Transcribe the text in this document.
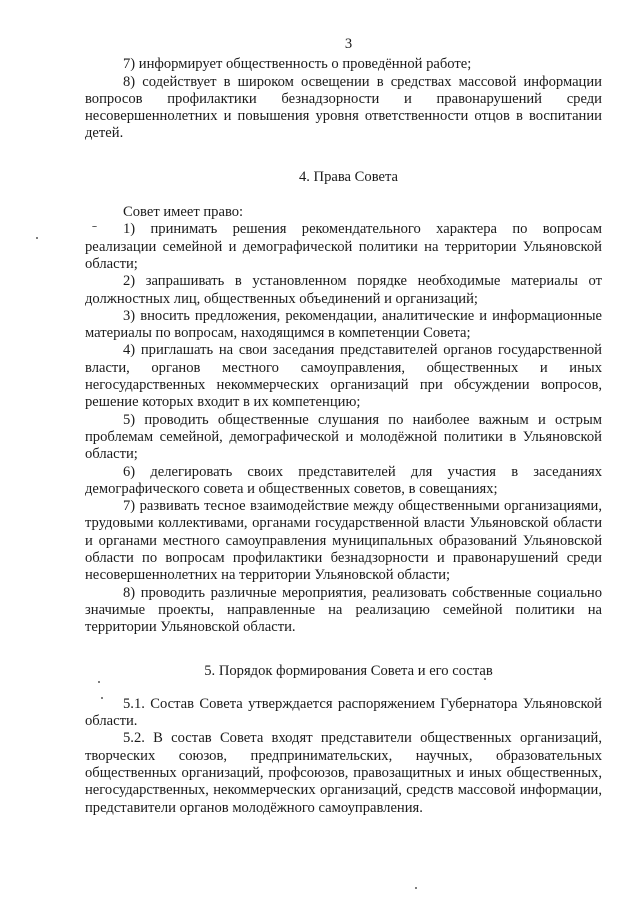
3

7) информирует общественность о проведённой работе;

8) содействует в широком освещении в средствах массовой информации вопросов профилактики безнадзорности и правонарушений среди несовершеннолетних и повышения уровня ответственности отцов в воспитании детей.

4. Права Совета

Совет имеет право:

1) принимать решения рекомендательного характера по вопросам реализации семейной и демографической политики на территории Ульяновской области;

2) запрашивать в установленном порядке необходимые материалы от должностных лиц, общественных объединений и организаций;

3) вносить предложения, рекомендации, аналитические и информационные материалы по вопросам, находящимся в компетенции Совета;

4) приглашать на свои заседания представителей органов государственной власти, органов местного самоуправления, общественных и иных негосударственных некоммерческих организаций при обсуждении вопросов, решение которых входит в их компетенцию;

5) проводить общественные слушания по наиболее важным и острым проблемам семейной, демографической и молодёжной политики в Ульяновской области;

6) делегировать своих представителей для участия в заседаниях демографического совета и общественных советов, в совещаниях;

7) развивать тесное взаимодействие между общественными организациями, трудовыми коллективами, органами государственной власти Ульяновской области и органами местного самоуправления муниципальных образований Ульяновской области по вопросам профилактики безнадзорности и правонарушений среди несовершеннолетних на территории Ульяновской области;

8) проводить различные мероприятия, реализовать собственные социально значимые проекты, направленные на реализацию семейной политики на территории Ульяновской области.

5. Порядок формирования Совета и его состав

5.1. Состав Совета утверждается распоряжением Губернатора Ульяновской области.

5.2. В состав Совета входят представители общественных организаций, творческих союзов, предпринимательских, научных, образовательных общественных организаций, профсоюзов, правозащитных и иных общественных, негосударственных, некоммерческих организаций, средств массовой информации, представители органов молодёжного самоуправления.
